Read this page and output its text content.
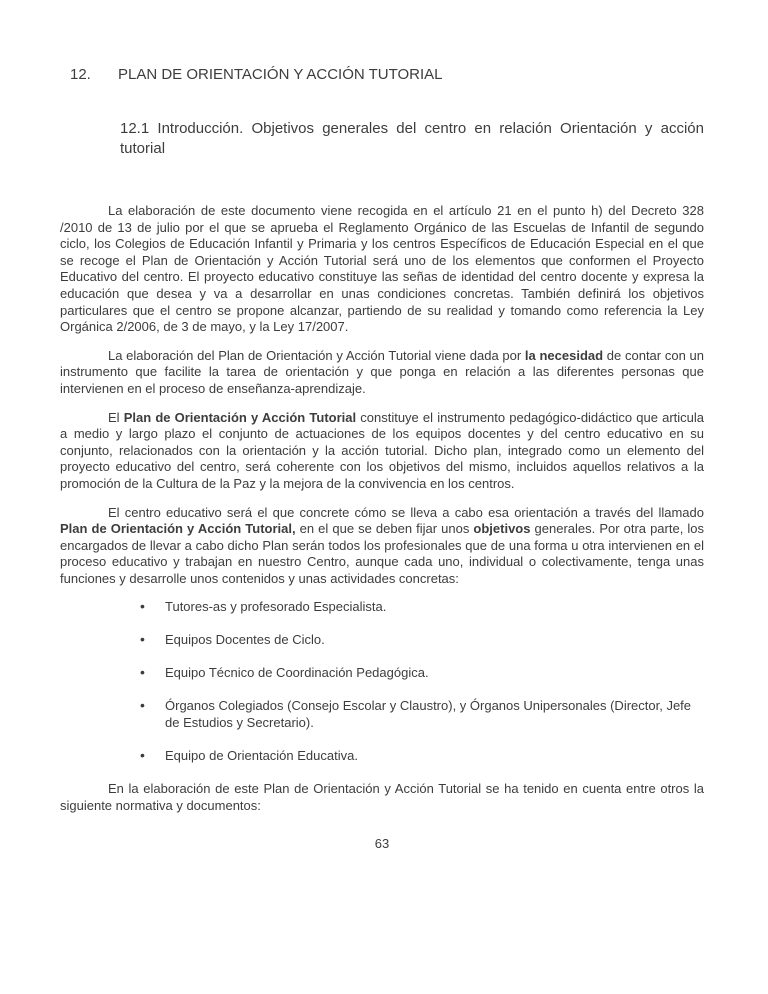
12. PLAN DE ORIENTACIÓN Y ACCIÓN TUTORIAL
12.1 Introducción. Objetivos generales del centro en relación Orientación y acción tutorial

La elaboración de este documento viene recogida en el artículo 21 en el punto h) del Decreto 328 /2010 de 13 de julio por el que se aprueba el Reglamento Orgánico de las Escuelas de Infantil de segundo ciclo, los Colegios de Educación Infantil y Primaria y los centros Específicos de Educación Especial en el que se recoge el Plan de Orientación y Acción Tutorial será uno de los elementos que conformen el Proyecto Educativo del centro. El proyecto educativo constituye las señas de identidad del centro docente y expresa la educación que desea y va a desarrollar en unas condiciones concretas. También definirá los objetivos particulares que el centro se propone alcanzar, partiendo de su realidad y tomando como referencia la Ley Orgánica 2/2006, de 3 de mayo, y la Ley 17/2007.

La elaboración del Plan de Orientación y Acción Tutorial viene dada por la necesidad de contar con un instrumento que facilite la tarea de orientación y que ponga en relación a las diferentes personas que intervienen en el proceso de enseñanza-aprendizaje.

El Plan de Orientación y Acción Tutorial constituye el instrumento pedagógico-didáctico que articula a medio y largo plazo el conjunto de actuaciones de los equipos docentes y del centro educativo en su conjunto, relacionados con la orientación y la acción tutorial. Dicho plan, integrado como un elemento del proyecto educativo del centro, será coherente con los objetivos del mismo, incluidos aquellos relativos a la promoción de la Cultura de la Paz y la mejora de la convivencia en los centros.

El centro educativo será el que concrete cómo se lleva a cabo esa orientación a través del llamado Plan de Orientación y Acción Tutorial, en el que se deben fijar unos objetivos generales. Por otra parte, los encargados de llevar a cabo dicho Plan serán todos los profesionales que de una forma u otra intervienen en el proceso educativo y trabajan en nuestro Centro, aunque cada uno, individual o colectivamente, tenga unas funciones y desarrolle unos contenidos y unas actividades concretas:

• Tutores-as y profesorado Especialista.
• Equipos Docentes de Ciclo.
• Equipo Técnico de Coordinación Pedagógica.
• Órganos Colegiados (Consejo Escolar y Claustro), y Órganos Unipersonales (Director, Jefe de Estudios y Secretario).
• Equipo de Orientación Educativa.

En la elaboración de este Plan de Orientación y Acción Tutorial se ha tenido en cuenta entre otros la siguiente normativa y documentos:

63
